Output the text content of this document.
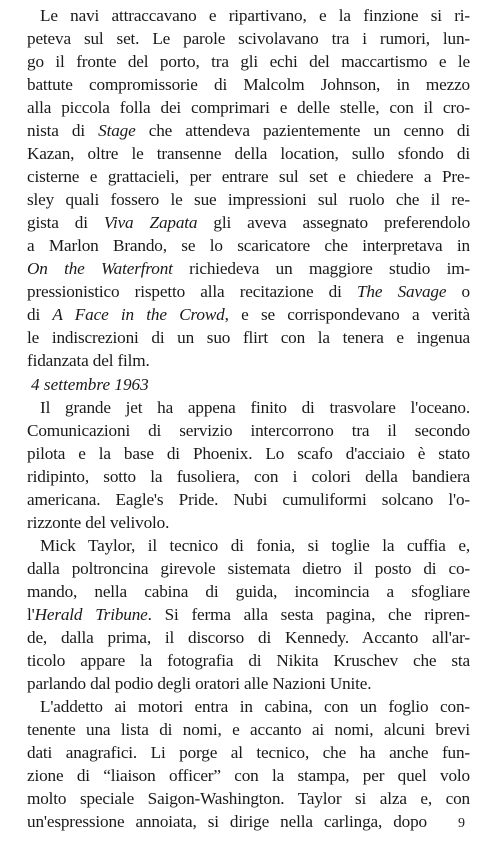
Le navi attraccavano e ripartivano, e la finzione si ri-
peteva sul set. Le parole scivolavano tra i rumori, lun-
go il fronte del porto, tra gli echi del maccartismo e le
battute compromissorie di Malcolm Johnson, in mezzo
alla piccola folla dei comprimari e delle stelle, con il cro-
nista di Stage che attendeva pazientemente un cenno di
Kazan, oltre le transenne della location, sullo sfondo di
cisterne e grattacieli, per entrare sul set e chiedere a Pre-
sley quali fossero le sue impressioni sul ruolo che il re-
gista di Viva Zapata gli aveva assegnato preferendolo
a Marlon Brando, se lo scaricatore che interpretava in
On the Waterfront richiedeva un maggiore studio im-
pressionistico rispetto alla recitazione di The Savage o
di A Face in the Crowd, e se corrispondevano a verità
le indiscrezioni di un suo flirt con la tenera e ingenua
fidanzata del film.
4 settembre 1963
Il grande jet ha appena finito di trasvolare l'oceano.
Comunicazioni di servizio intercorrono tra il secondo
pilota e la base di Phoenix. Lo scafo d'acciaio è stato
ridipinto, sotto la fusoliera, con i colori della bandiera
americana. Eagle's Pride. Nubi cumuliformi solcano l'o-
rizzonte del velivolo.
Mick Taylor, il tecnico di fonia, si toglie la cuffia e,
dalla poltroncina girevole sistemata dietro il posto di co-
mando, nella cabina di guida, incomincia a sfogliare
l'Herald Tribune. Si ferma alla sesta pagina, che ripren-
de, dalla prima, il discorso di Kennedy. Accanto all'ar-
ticolo appare la fotografia di Nikita Kruschev che sta
parlando dal podio degli oratori alle Nazioni Unite.
L'addetto ai motori entra in cabina, con un foglio con-
tenente una lista di nomi, e accanto ai nomi, alcuni brevi
dati anagrafici. Li porge al tecnico, che ha anche fun-
zione di “liaison officer” con la stampa, per quel volo
molto speciale Saigon-Washington. Taylor si alza e, con
un'espressione annoiata, si dirige nella carlinga, dopo 9
